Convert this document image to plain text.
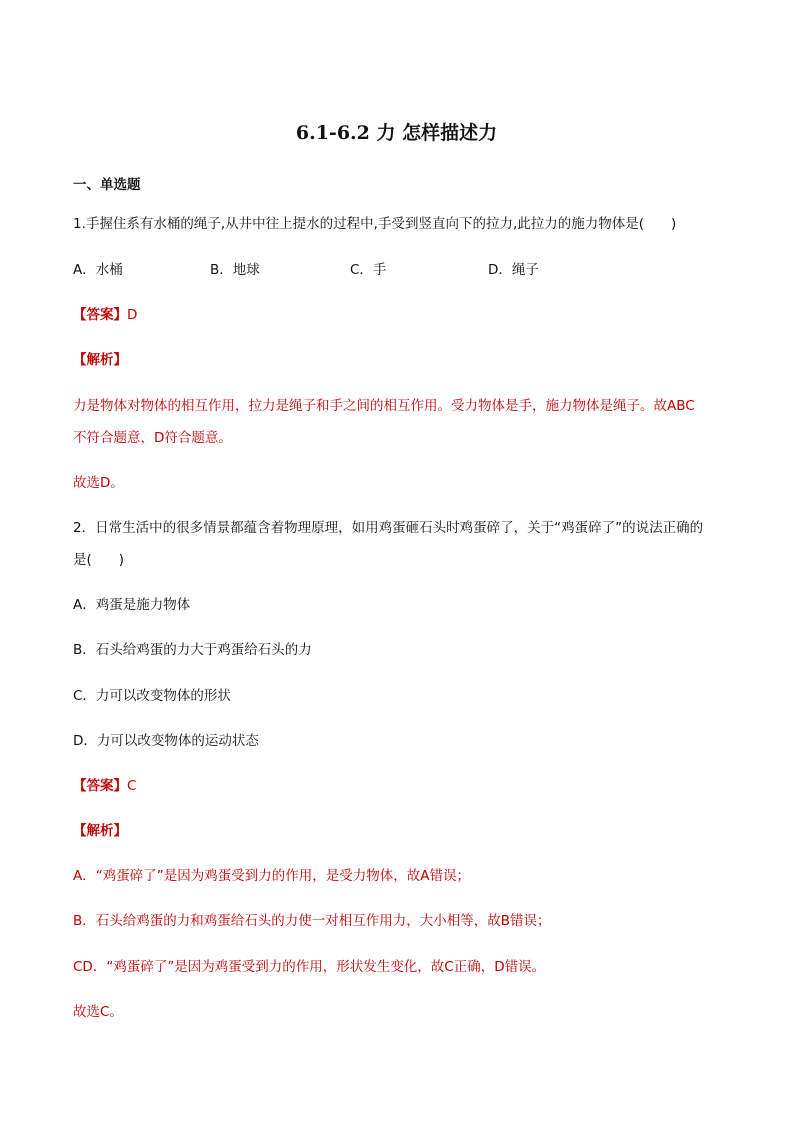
6.1-6.2 力 怎样描述力
一、单选题
1.手握住系有水桶的绳子,从井中往上提水的过程中,手受到竖直向下的拉力,此拉力的施力物体是(　　)
A．水桶	B．地球	C．手	D．绳子
【答案】D
【解析】
力是物体对物体的相互作用，拉力是绳子和手之间的相互作用。受力物体是手，施力物体是绳子。故ABC
不符合题意，D符合题意。
故选D。
2．日常生活中的很多情景都蕴含着物理原理，如用鸡蛋砸石头时鸡蛋碎了，关于“鸡蛋碎了”的说法正确的
是(　　)
A．鸡蛋是施力物体
B．石头给鸡蛋的力大于鸡蛋给石头的力
C．力可以改变物体的形状
D．力可以改变物体的运动状态
【答案】C
【解析】
A．“鸡蛋碎了”是因为鸡蛋受到力的作用，是受力物体，故A错误；
B．石头给鸡蛋的力和鸡蛋给石头的力使一对相互作用力，大小相等，故B错误；
CD．“鸡蛋碎了”是因为鸡蛋受到力的作用，形状发生变化，故C正确，D错误。
故选C。
